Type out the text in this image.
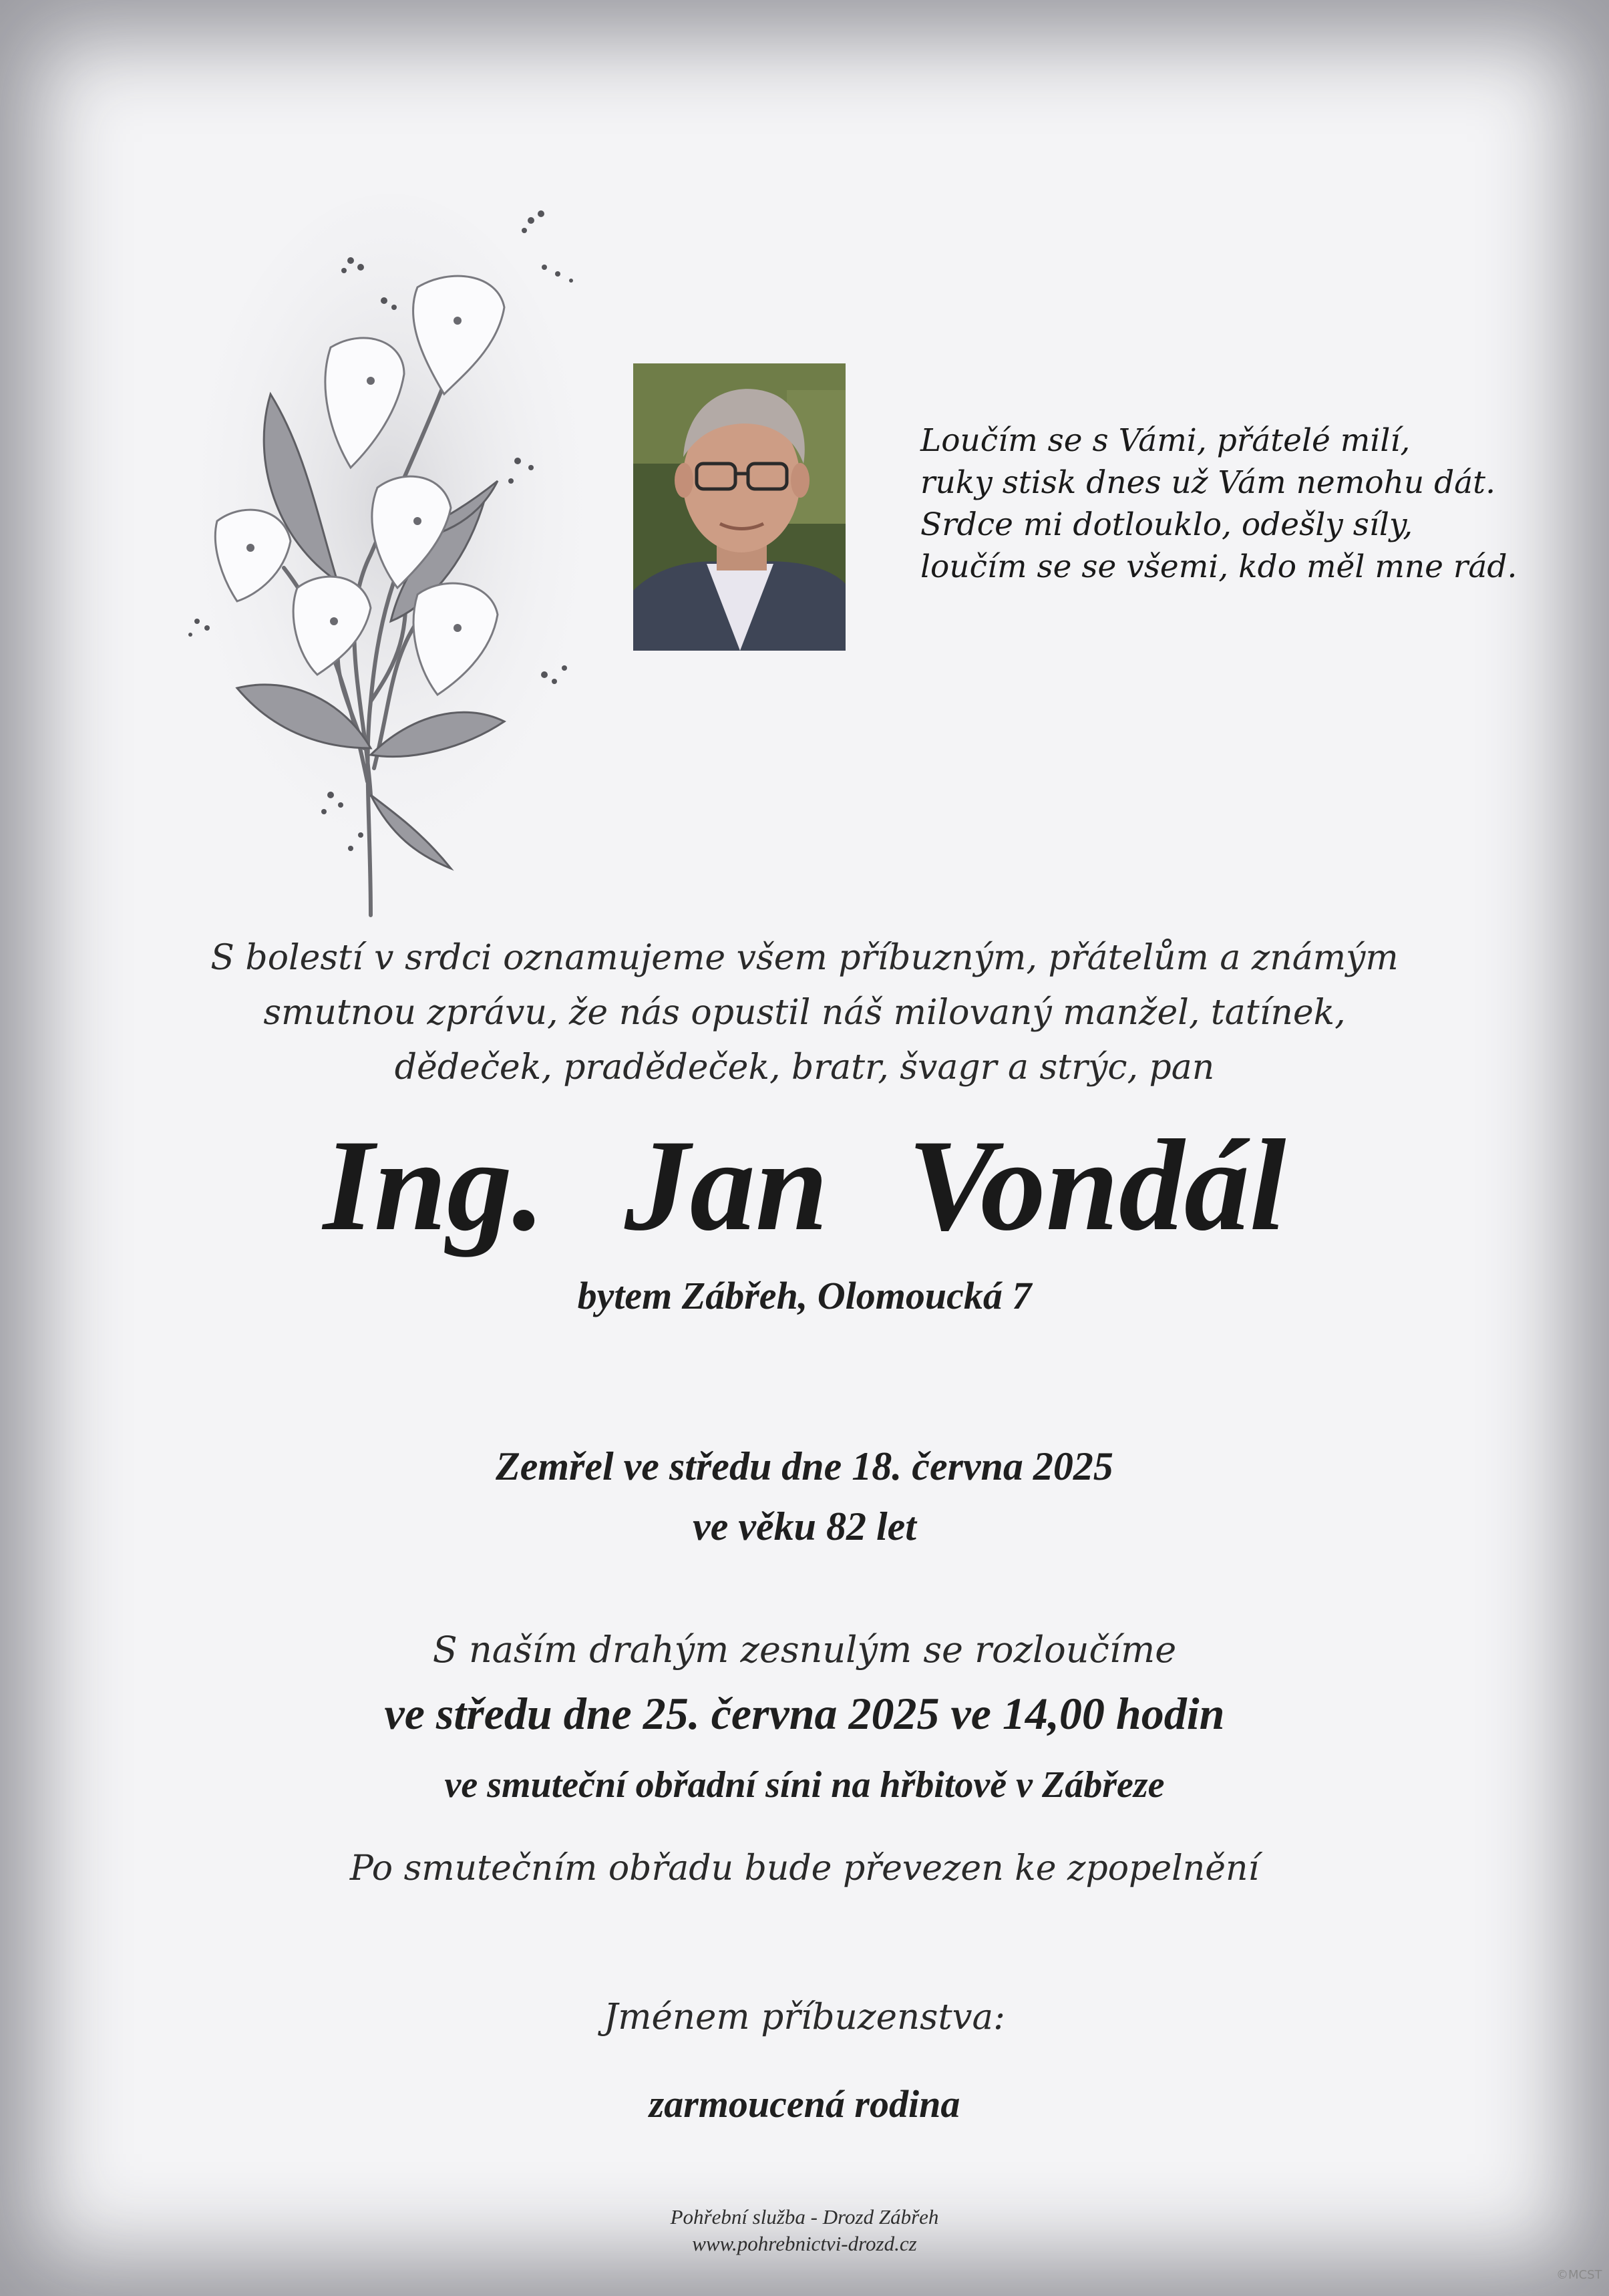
Loučím se s Vámi, přátelé milí,
ruky stisk dnes už Vám nemohu dát.
Srdce mi dotlouklo, odešly síly,
loučím se se všemi, kdo měl mne rád.
S bolestí v srdci oznamujeme všem příbuzným, přátelům a známým
smutnou zprávu, že nás opustil náš milovaný manžel, tatínek,
dědeček, pradědeček, bratr, švagr a strýc, pan
Ing. Jan Vondál
bytem Zábřeh, Olomoucká 7
Zemřel ve středu dne 18. června 2025
ve věku 82 let
S naším drahým zesnulým se rozloučíme
ve středu dne 25. června 2025 ve 14,00 hodin
ve smuteční obřadní síni na hřbitově v Zábřeze
Po smutečním obřadu bude převezen ke zpopelnění
Jménem příbuzenstva:
zarmoucená rodina
Pohřební služba - Drozd Zábřeh
www.pohrebnictvi-drozd.cz
©MCST
